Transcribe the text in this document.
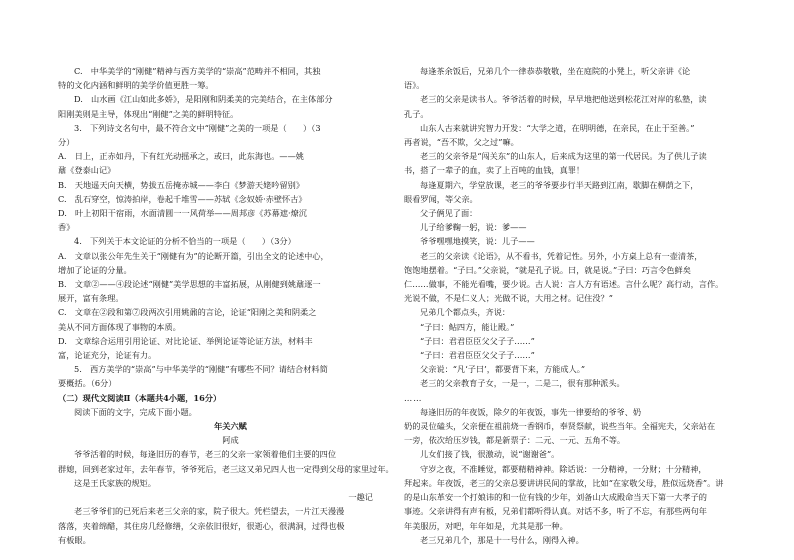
C.　中华美学的“刚健”精神与西方美学的“崇高”范畴并不相同，其独

特的文化内涵和鲜明的美学价值更胜一筹。

D.　山水画《江山如此多娇》，是阳刚和阴柔美的完美结合，在主体部分

阳刚美则是主导，体现出“刚健”之美的鲜明特征。

3.　下列诗文名句中，最不符合文中“刚健”之美的一项是（　　）（3

分）

A.　日上，正赤如丹，下有红光动摇承之，或曰，此东海也。——姚

鼐《登泰山记》

B.　天地遥天向天横，势拔五岳掩赤城——李白《梦游天姥吟留别》

C.　乱石穿空，惊涛拍岸，卷起千堆雪——苏轼《念奴娇·赤壁怀古》

D.　叶上初阳干宿雨，水面清圆一一风荷举——周邦彦《苏幕遮·燎沉

香》

4.　下列关于本文论证的分析不恰当的一项是（　　）（3分）

A.　文章以张公年先生关于“刚健有为”的论断开篇，引出全文的论述中心，

增加了论证的分量。

B.　文章②——④段论述“刚健”美学思想的丰富拓展，从刚健到姚鼐逐一

展开，富有条理。

C.　文章在②段和第⑦段两次引用姚鼐的言论，论证“阳刚之美和阴柔之

美从不同方面体现了事物的本质。

D.　文章综合运用引用论证、对比论证、举例论证等论证方法，材料丰

富，论证充分，论证有力。

5.　西方美学的“崇高”与中华美学的“刚健”有哪些不同？请结合材料简

要概括。（6分）

（二）现代文阅读Ⅱ（本题共4小题，16分）

阅读下面的文字，完成下面小题。

年关六赋

阿成

爷爷活着的时候，每逢旧历的春节，老三的父亲一家领着他们主要的四位

群媳，回到老家过年，去年春节，爷爷死后，老三这又弟兄四人也一定得到父母的家里过年。

这是王氏家族的规矩。

一趣记

老三爷爷们的已死后来老三父亲的家，院子很大。凭栏望去，一片江天漫漫

落落，夹着绵醋，其住房几经修缮，父亲依旧很好，很逝心，很满洞，过得也极

有板眼。

每逢茶余饭后，兄弟几个一律恭恭敬敬，坐在庭院的小凳上，听父亲讲《论

语》。

老三的父亲是读书人。爷爷活着的时候，早早地把他送到松花江对岸的私塾，读

孔子。

山东人古来就讲究智力开发：“大学之道，在明明德，在亲民，在止于至善。”

再者说，“吾不欺，父之过”嘛。

老三的父亲爷是“闯关东”的山东人，后来成为这里的第一代居民。为了供儿子读

书，搭了一辈子的血，卖了上百吨的血钱，真罪！

每逢夏期六，学堂放课，老三的爷爷要步行半天路到江南，歇脚在柳荫之下，

眼看罗闻，等父亲。

父子俩见了面：

儿子给爹鞠一躬，说：爹——

爷爷嘿嘿地摸笑，说：儿子——

老三的父亲读《论语》，从不看书，凭着记性。另外，小方桌上总有一壶清茶，

饱饱地摆着。“子曰。”父亲说，“就是孔子说。曰，就是说。”子曰：巧言令色鲜矣

仁……做事，不能光看嘴，要少说。古人说：言人方有语述。言什么呢？高行动，言作。

光说不做，不是仁义人；光做不说，大用之材。记住没？”

兄弟几个都点头，齐说：

“子曰：鲇四方，能让殿。”

“子曰：君君臣臣父父子子……”

“子曰：君君臣臣父父子子……”

父亲说：“凡‘子曰’，都要背下来，方能成人。”

老三的父亲教育子女，一是一，二是二，很有那种派头。

……

每逢旧历的年夜饭，除夕的年夜饭，事先一律要给的爷爷、奶

奶的灵位磕头，父亲便在祖前烧一香钢币，奉贤祭献，说些当年。全福宪夫，父亲站在

一旁，依次给压岁钱，都是新票子：二元、一元、五角不等。

儿女们接了钱，很激动，说“谢谢爸”。

守岁之夜，不准睡觉，都要精精神神。除话说：一分精神，一分财；十分精神，

拜起来。年夜饭，老三的父亲总要讲讲民间的掌故，比如“在家敬父母，胜似远烧香”。讲

的是山东革安一个打娘讳的和一位有钱的少年，刘备山大成殿命当天下第一大孝子的

事迹。父亲讲得有声有板，兄弟们都听得认真。对话不多，听了不忘，有那些两句年

年美服历，对吧，年年如是，尤其是那一种。

老三兄弟几个，那是十一号什么，刚得入神。
